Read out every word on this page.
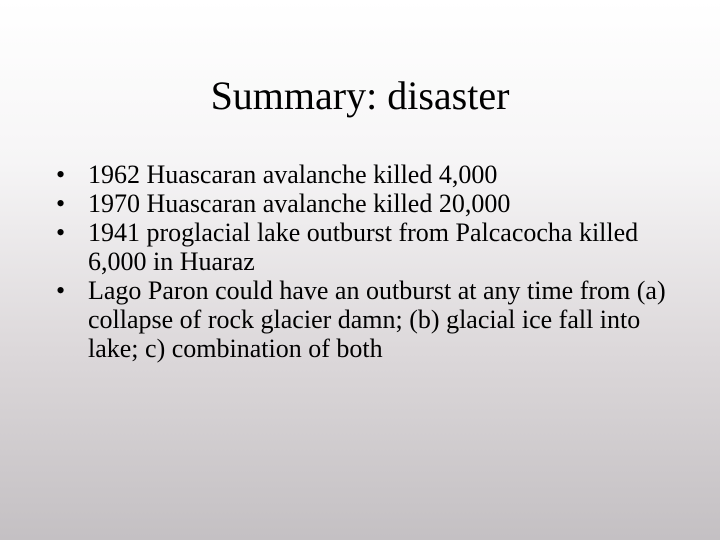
Summary: disaster
• 1962 Huascaran avalanche killed 4,000
• 1970 Huascaran avalanche killed 20,000
• 1941 proglacial lake outburst from Palcacocha killed 6,000 in Huaraz
• Lago Paron could have an outburst at any time from (a) collapse of rock glacier damn; (b) glacial ice fall into lake; c) combination of both
